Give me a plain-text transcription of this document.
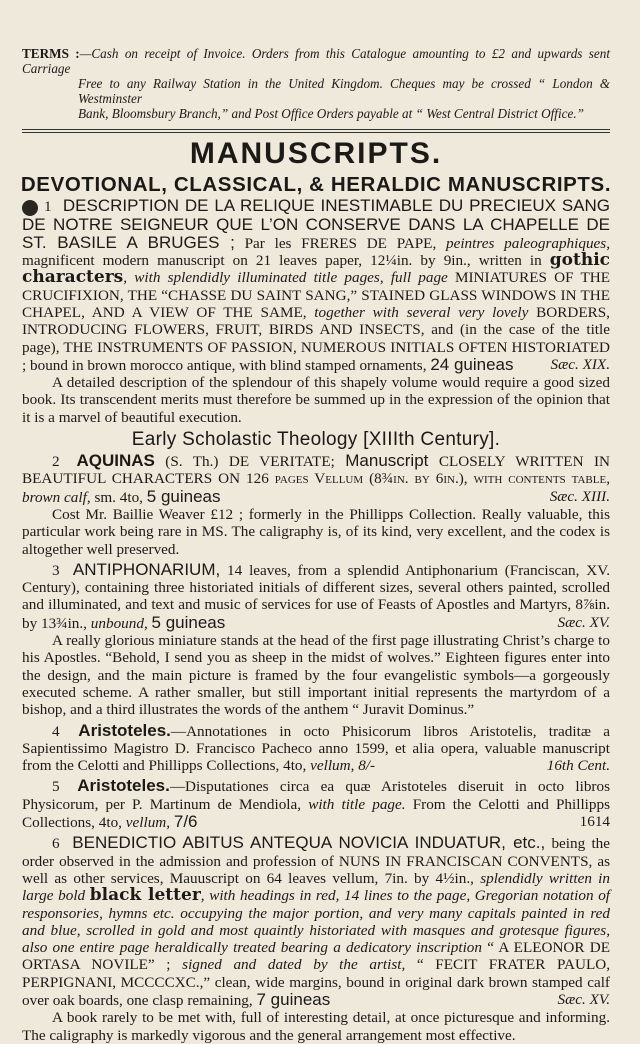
TERMS :—Cash on receipt of Invoice. Orders from this Catalogue amounting to £2 and upwards sent Carriage
Free to any Railway Station in the United Kingdom. Cheques may be crossed “ London & Westminster
Bank, Bloomsbury Branch,” and Post Office Orders payable at “ West Central District Office.”
MANUSCRIPTS.
DEVOTIONAL, CLASSICAL, & HERALDIC MANUSCRIPTS.

1 DESCRIPTION DE LA RELIQUE INESTIMABLE DU PRECIEUX SANG DE NOTRE SEIGNEUR QUE L’ON CONSERVE DANS LA CHAPELLE DE ST. BASILE A BRUGES ; Par les FRERES DE PAPE, peintres paleographiques, magnificent modern manuscript on 21 leaves paper, 12¼in. by 9in., written in gothic characters, with splendidly illuminated title pages, full page MINIATURES OF THE CRUCIFIXION, THE “CHASSE DU SAINT SANG,” STAINED GLASS WINDOWS IN THE CHAPEL, AND A VIEW OF THE SAME, together with several very lovely BORDERS, INTRODUCING FLOWERS, FRUIT, BIRDS AND INSECTS, and (in the case of the title page), THE INSTRUMENTS OF PASSION, NUMEROUS INITIALS OFTEN HISTORIATED ; bound in brown morocco antique, with blind stamped ornaments, 24 guineas Sæc. XIX.

A detailed description of the splendour of this shapely volume would require a good sized book. Its transcendent merits must therefore be summed up in the expression of the opinion that it is a marvel of beautiful execution.

Early Scholastic Theology [XIIIth Century].

2 AQUINAS (S. Th.) DE VERITATE; Manuscript CLOSELY WRITTEN IN BEAUTIFUL CHARACTERS ON 126 pages Vellum (8¾in. by 6in.), with contents table, brown calf, sm. 4to, 5 guineas	Sæc. XIII.

Cost Mr. Baillie Weaver £12 ; formerly in the Phillipps Collection. Really valuable, this particular work being rare in MS. The caligraphy is, of its kind, very excellent, and the codex is altogether well preserved.

3 ANTIPHONARIUM, 14 leaves, from a splendid Antiphonarium (Franciscan, XV. Century), containing three historiated initials of different sizes, several others painted, scrolled and illuminated, and text and music of services for use of Feasts of Apostles and Martyrs, 8⅞in. by 13¾in., unbound, 5 guineas	Sæc. XV.

A really glorious miniature stands at the head of the first page illustrating Christ’s charge to his Apostles. “Behold, I send you as sheep in the midst of wolves.” Eighteen figures enter into the design, and the main picture is framed by the four evangelistic symbols—a gorgeously executed scheme. A rather smaller, but still important initial represents the martyrdom of a bishop, and a third illustrates the words of the anthem “ Juravit Dominus.”

4 Aristoteles.—Annotationes in octo Phisicorum libros Aristotelis, traditæ a Sapientissimo Magistro D. Francisco Pacheco anno 1599, et alia opera, valuable manuscript from the Celotti and Phillipps Collections, 4to, vellum, 8/-	16th Cent.

5 Aristoteles.—Disputationes circa ea quæ Aristoteles diseruit in octo libros Physicorum, per P. Martinum de Mendiola, with title page. From the Celotti and Phillipps Collections, 4to, vellum, 7/6	1614

6 BENEDICTIO ABITUS ANTEQUA NOVICIA INDUATUR, etc., being the order observed in the admission and profession of NUNS IN FRANCISCAN CONVENTS, as well as other services, Mauuscript on 64 leaves vellum, 7in. by 4½in., splendidly written in large bold black letter, with headings in red, 14 lines to the page, Gregorian notation of responsories, hymns etc. occupying the major portion, and very many capitals painted in red and blue, scrolled in gold and most quaintly historiated with masques and grotesque figures, also one entire page heraldically treated bearing a dedicatory inscription “ A ELEONOR DE ORTASA NOVILE” ; signed and dated by the artist, “ FECIT FRATER PAULO, PERPIGNANI, MCCCCXC.,” clean, wide margins, bound in original dark brown stamped calf over oak boards, one clasp remaining, 7 guineas	Sæc. XV.

A book rarely to be met with, full of interesting detail, at once picturesque and informing. The caligraphy is markedly vigorous and the general arrangement most effective.
